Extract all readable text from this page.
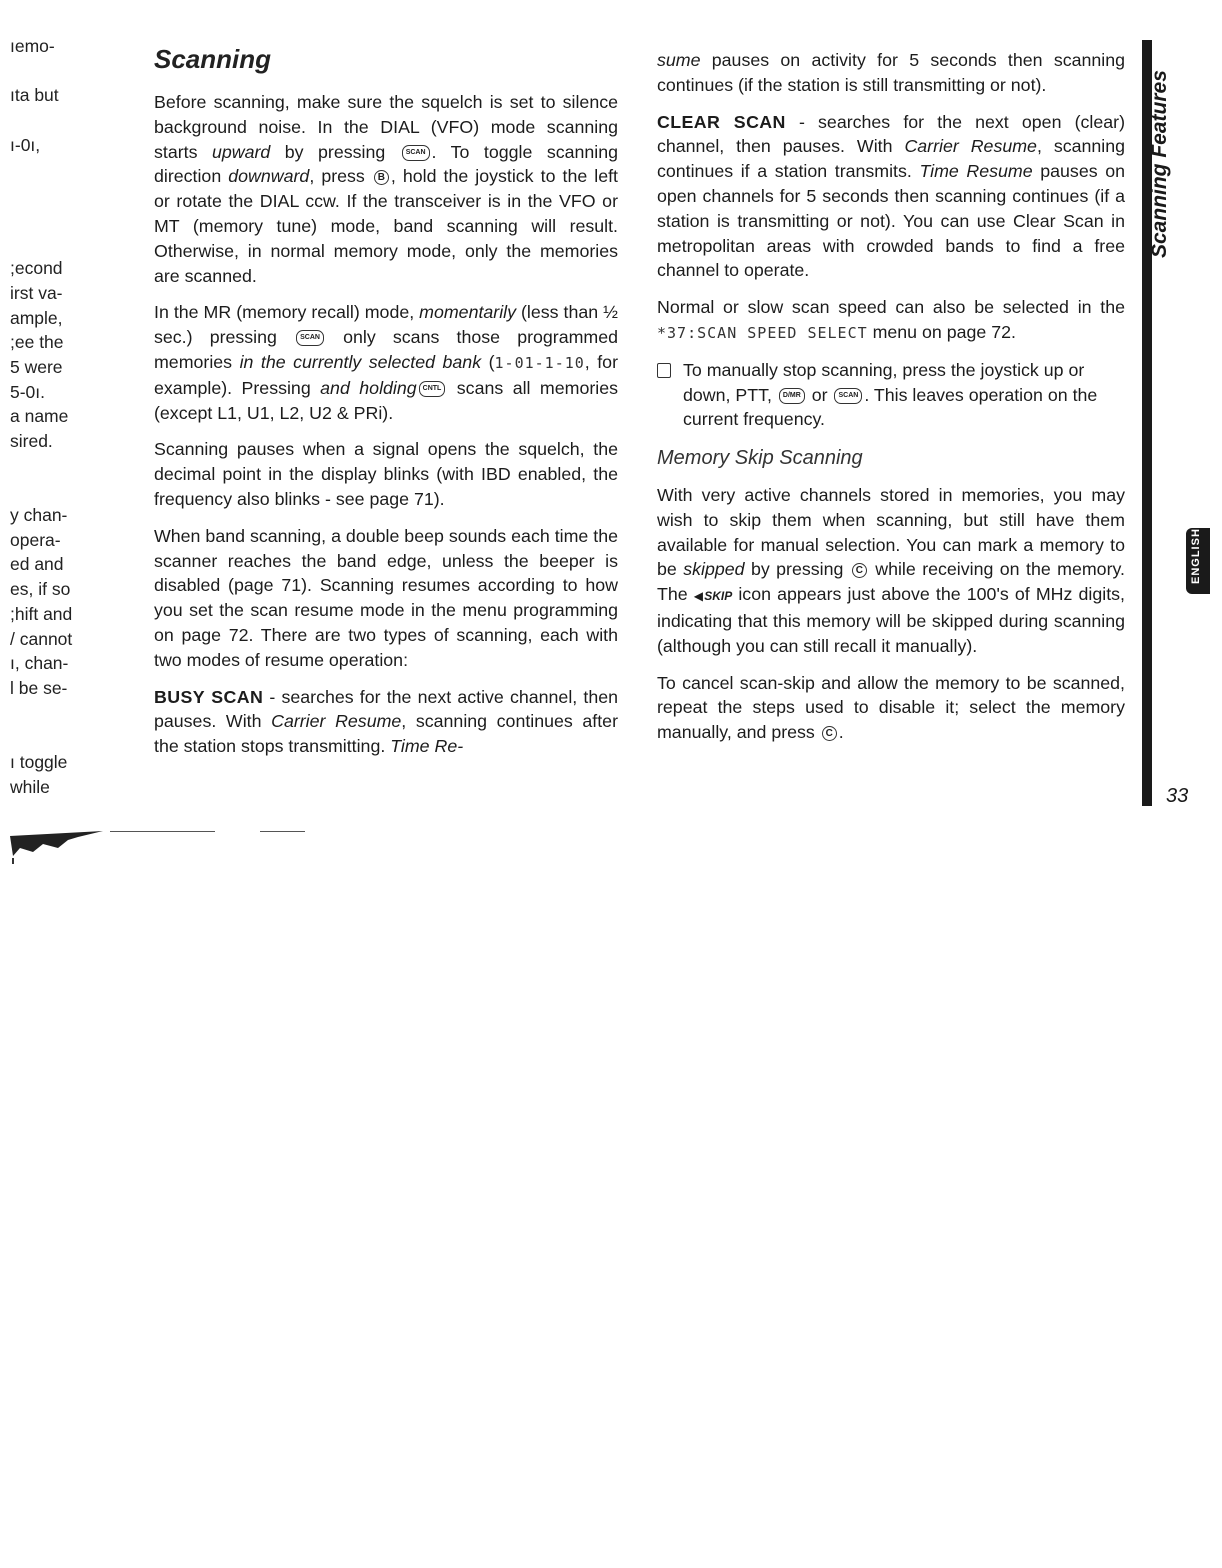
ıemo-
ıta but
ı-0ı,
;econd
irst va-
ample,
;ee the
5 were
5-0ı.
a name
sired.
y chan-
opera-
ed and
es, if so
;hift and
/ cannot
ı, chan-
l be se-
ı toggle
while
Scanning

Before scanning, make sure the squelch is set to silence background noise. In the DIAL (VFO) mode scanning starts upward by pressing SCAN . To toggle scanning direction downward, press B , hold the joystick to the left or rotate the DIAL ccw. If the transceiver is in the VFO or MT (memory tune) mode, band scanning will result. Otherwise, in normal memory mode, only the memories are scanned.

In the MR (memory recall) mode, momentarily (less than ½ sec.) pressing SCAN only scans those programmed memories in the currently selected bank (1-01-1-10, for example). Pressing and holding CNTL scans all memories (except L1, U1, L2, U2 & PRi).

Scanning pauses when a signal opens the squelch, the decimal point in the display blinks (with IBD enabled, the frequency also blinks - see page 71).

When band scanning, a double beep sounds each time the scanner reaches the band edge, unless the beeper is disabled (page 71). Scanning resumes according to how you set the scan resume mode in the menu programming on page 72. There are two types of scanning, each with two modes of resume operation:

BUSY SCAN - searches for the next active channel, then pauses. With Carrier Resume, scanning continues after the station stops transmitting. Time Re-

sume pauses on activity for 5 seconds then scanning continues (if the station is still transmitting or not).

CLEAR SCAN - searches for the next open (clear) channel, then pauses. With Carrier Resume, scanning continues if a station transmits. Time Resume pauses on open channels for 5 seconds then scanning continues (if a station is transmitting or not). You can use Clear Scan in metropolitan areas with crowded bands to find a free channel to operate.

Normal or slow scan speed can also be selected in the *37:SCAN SPEED SELECT menu on page 72.

To manually stop scanning, press the joystick up or down, PTT, D/MR or SCAN . This leaves operation on the current frequency.
Memory Skip Scanning

With very active channels stored in memories, you may wish to skip them when scanning, but still have them available for manual selection. You can mark a memory to be skipped by pressing C while receiving on the memory. The ◀SKIP icon appears just above the 100's of MHz digits, indicating that this memory will be skipped during scanning (although you can still recall it manually).

To cancel scan-skip and allow the memory to be scanned, repeat the steps used to disable it; select the memory manually, and press C .

Scanning Features
ENGLISH
33
